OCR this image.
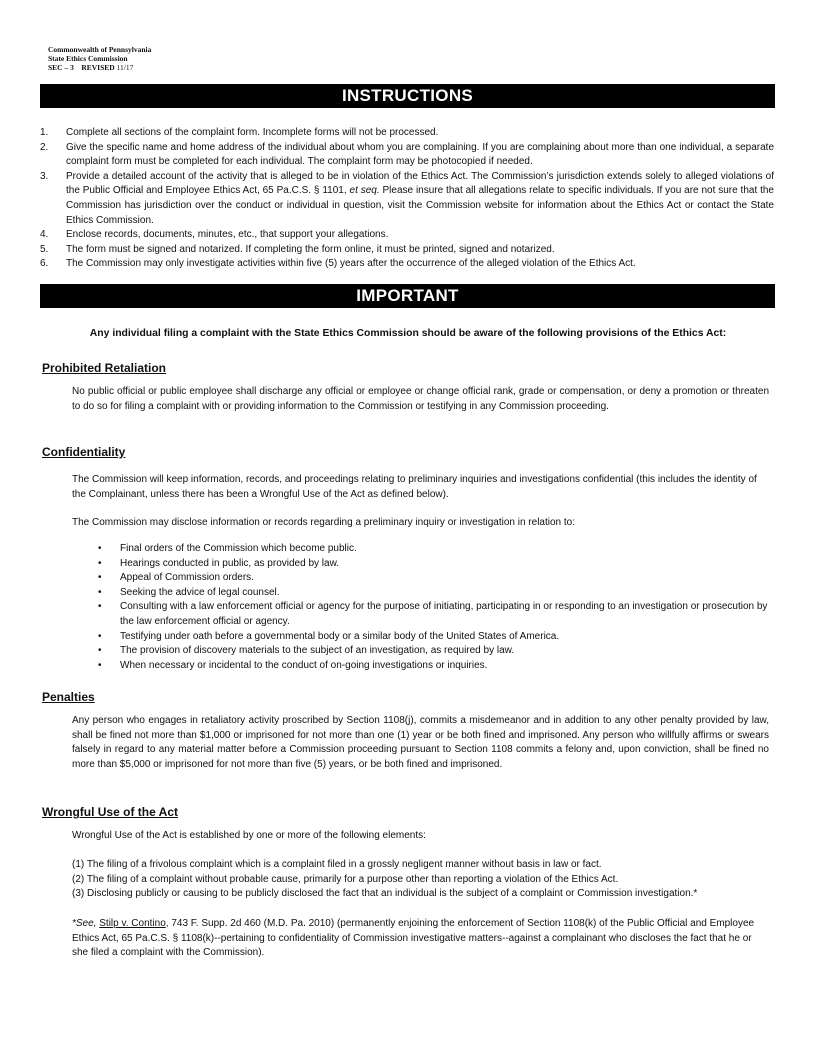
Commonwealth of Pennsylvania
State Ethics Commission
SEC – 3 REVISED 11/17
INSTRUCTIONS
1. Complete all sections of the complaint form. Incomplete forms will not be processed.
2. Give the specific name and home address of the individual about whom you are complaining. If you are complaining about more than one individual, a separate complaint form must be completed for each individual. The complaint form may be photocopied if needed.
3. Provide a detailed account of the activity that is alleged to be in violation of the Ethics Act. The Commission’s jurisdiction extends solely to alleged violations of the Public Official and Employee Ethics Act, 65 Pa.C.S. § 1101, et seq. Please insure that all allegations relate to specific individuals. If you are not sure that the Commission has jurisdiction over the conduct or individual in question, visit the Commission website for information about the Ethics Act or contact the State Ethics Commission.
4. Enclose records, documents, minutes, etc., that support your allegations.
5. The form must be signed and notarized. If completing the form online, it must be printed, signed and notarized.
6. The Commission may only investigate activities within five (5) years after the occurrence of the alleged violation of the Ethics Act.
IMPORTANT
Any individual filing a complaint with the State Ethics Commission should be aware of the following provisions of the Ethics Act:
Prohibited Retaliation

No public official or public employee shall discharge any official or employee or change official rank, grade or compensation, or deny a promotion or threaten to do so for filing a complaint with or providing information to the Commission or testifying in any Commission proceeding.

Confidentiality

The Commission will keep information, records, and proceedings relating to preliminary inquiries and investigations confidential (this includes the identity of the Complainant, unless there has been a Wrongful Use of the Act as defined below).

The Commission may disclose information or records regarding a preliminary inquiry or investigation in relation to:

• Final orders of the Commission which become public.
• Hearings conducted in public, as provided by law.
• Appeal of Commission orders.
• Seeking the advice of legal counsel.
• Consulting with a law enforcement official or agency for the purpose of initiating, participating in or responding to an investigation or prosecution by the law enforcement official or agency.
• Testifying under oath before a governmental body or a similar body of the United States of America.
• The provision of discovery materials to the subject of an investigation, as required by law.
• When necessary or incidental to the conduct of on-going investigations or inquiries.
Penalties

Any person who engages in retaliatory activity proscribed by Section 1108(j), commits a misdemeanor and in addition to any other penalty provided by law, shall be fined not more than $1,000 or imprisoned for not more than one (1) year or be both fined and imprisoned. Any person who willfully affirms or swears falsely in regard to any material matter before a Commission proceeding pursuant to Section 1108 commits a felony and, upon conviction, shall be fined no more than $5,000 or imprisoned for not more than five (5) years, or be both fined and imprisoned.

Wrongful Use of the Act

Wrongful Use of the Act is established by one or more of the following elements:

(1) The filing of a frivolous complaint which is a complaint filed in a grossly negligent manner without basis in law or fact.
(2) The filing of a complaint without probable cause, primarily for a purpose other than reporting a violation of the Ethics Act.
(3) Disclosing publicly or causing to be publicly disclosed the fact that an individual is the subject of a complaint or Commission investigation.*
*See, Stilp v. Contino, 743 F. Supp. 2d 460 (M.D. Pa. 2010) (permanently enjoining the enforcement of Section 1108(k) of the Public Official and Employee Ethics Act, 65 Pa.C.S. § 1108(k)--pertaining to confidentiality of Commission investigative matters--against a complainant who discloses the fact that he or she filed a complaint with the Commission).
